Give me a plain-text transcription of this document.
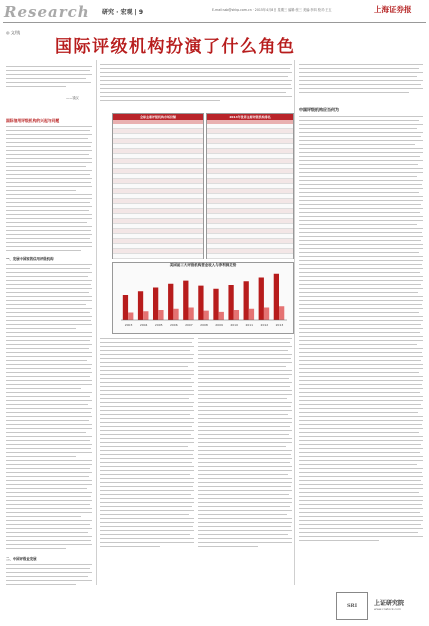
Research 研究 · 宏观 | 9	E-mail:ssb@shkp.com.cn · 2015年4月8日 星期三 编辑:张三 美编:李四 校对:王五	上海证券报
◎ 文/钱
国际评级机构扮演了什么角色
——钱汉
国际信用评级机构的兴起与问题
一、发展中国家的信用评级机构
二、中国评级业发展
全球主要评级机构市场份额	2014年世界主要评级机构排名
美国前三大评级机构营业收入与净利润走势
2003 2004 2005 2006 2007 2008 2009 2010 2011 2012 2013
中国评级机构应当何为
SRI	上证研究院
www.cnstock.com
